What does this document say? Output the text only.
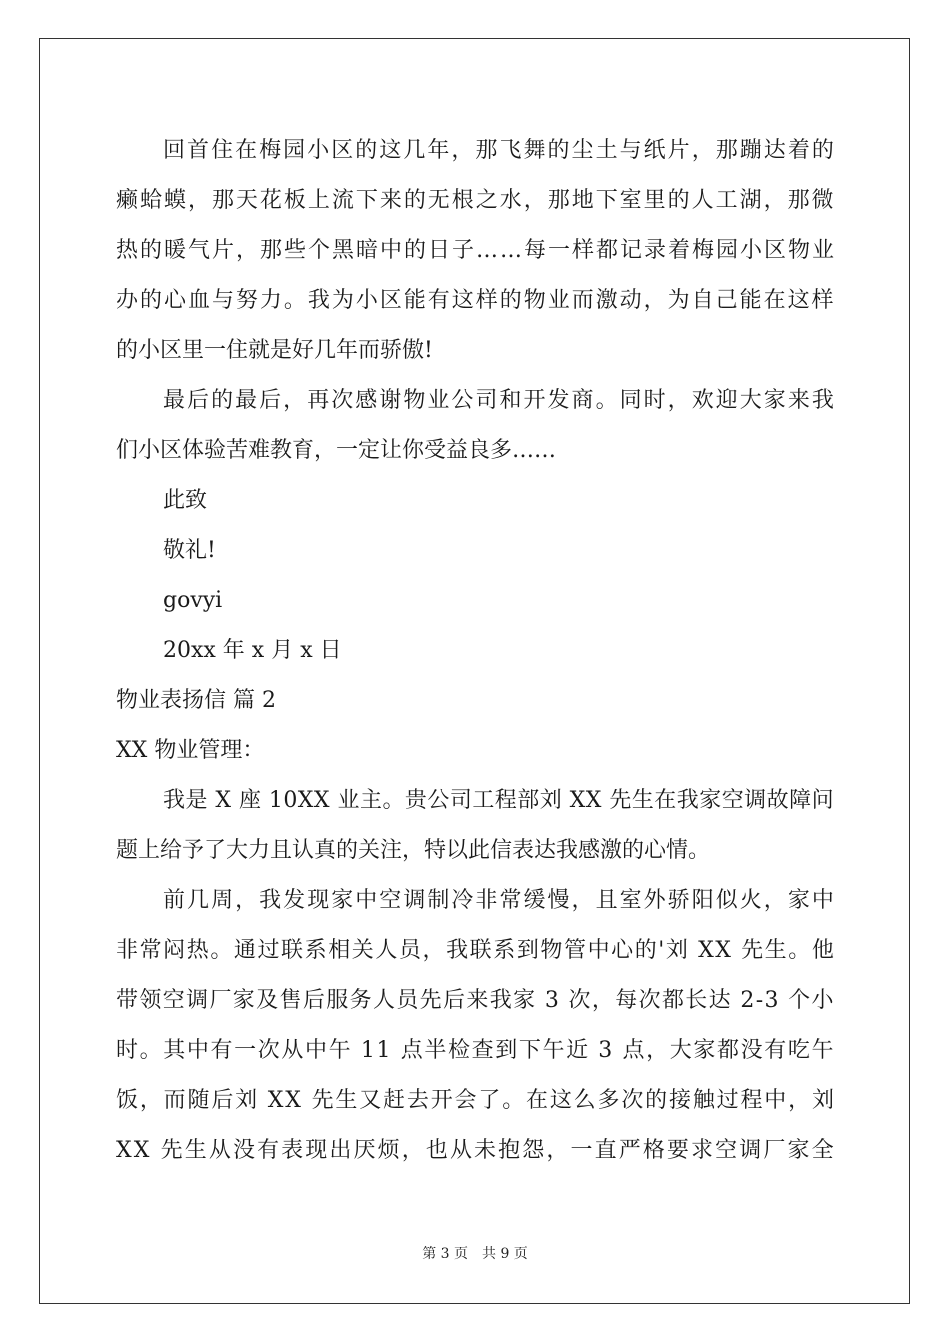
回 首 住 在 梅 园 小 区 的 这 几 年 ， 那 飞 舞 的 尘 土 与 纸 片 ， 那 蹦 达 着 的
癞 蛤 蟆 ， 那 天 花 板 上 流 下 来 的 无 根 之 水 ， 那 地 下 室 里 的 人 工 湖 ， 那 微
热 的 暖 气 片 ， 那 些 个 黑 暗 中 的 日 子 … … 每 一 样 都 记 录 着 梅 园 小 区 物 业
办 的 心 血 与 努 力 。 我 为 小 区 能 有 这 样 的 物 业 而 激 动 ， 为 自 己 能 在 这 样
的小区里一住就是好几年而骄傲!
最 后 的 最 后 ， 再 次 感 谢 物 业 公 司 和 开 发 商 。 同 时 ， 欢 迎 大 家 来 我
们小区体验苦难教育，一定让你受益良多……
此致
敬礼!
govyi
20xx 年 x 月 x 日
物业表扬信 篇 2
XX 物业管理：
我 是
X
座
1 0 X X
业 主 。 贵 公 司 工 程 部 刘
X X
先 生 在 我 家 空 调 故 障 问
题上给予了大力且认真的关注，特以此信表达我感激的心情。
前 几 周 ， 我 发 现 家 中 空 调 制 冷 非 常 缓 慢 ， 且 室 外 骄 阳 似 火 ， 家 中
非 常 闷 热 。 通 过 联 系 相 关 人 员 ， 我 联 系 到 物 管 中 心 的 ' 刘
X X
先 生 。 他
带 领 空 调 厂 家 及 售 后 服 务 人 员 先 后 来 我 家
3
次 ， 每 次 都 长 达
2 - 3
个 小
时 。 其 中 有 一 次 从 中 午
1 1
点 半 检 查 到 下 午 近
3
点 ， 大 家 都 没 有 吃 午
饭 ， 而 随 后 刘
X X
先 生 又 赶 去 开 会 了 。 在 这 么 多 次 的 接 触 过 程 中 ， 刘
X X
先 生 从 没 有 表 现 出 厌 烦 ， 也 从 未 抱 怨 ， 一 直 严 格 要 求 空 调 厂 家 全
第 3 页　共 9 页
